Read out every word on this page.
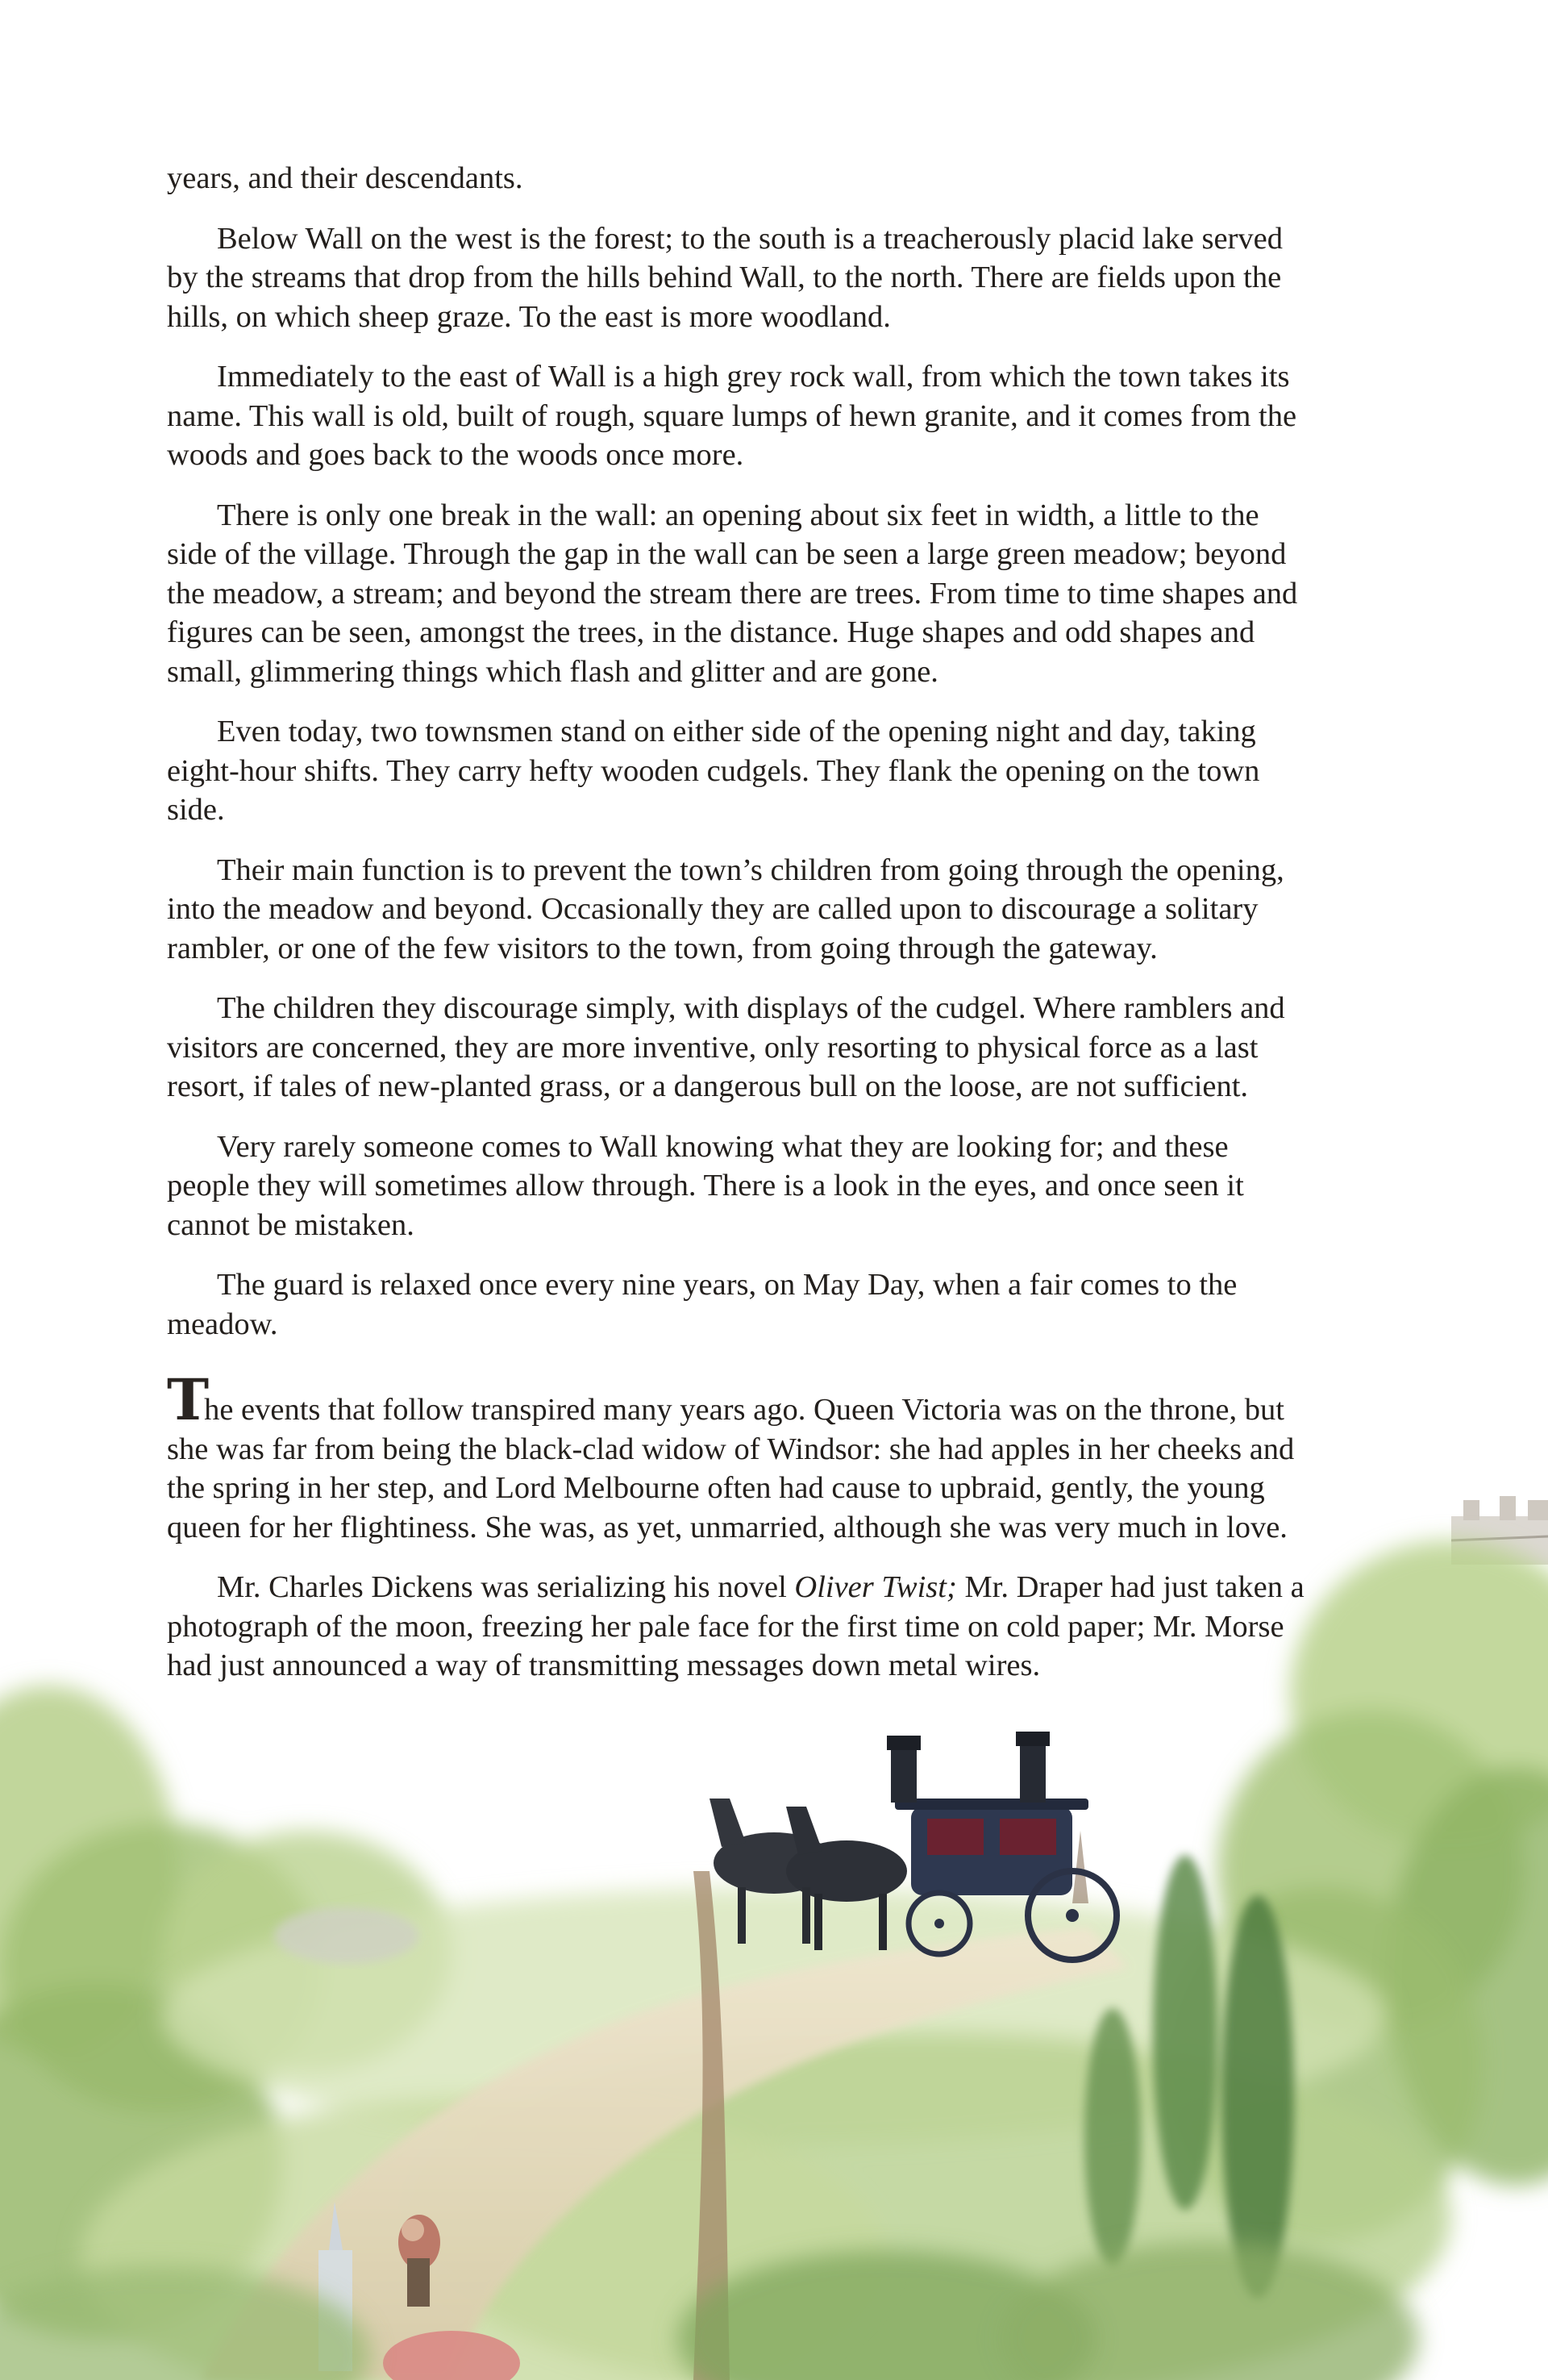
years, and their descendants.

Below Wall on the west is the forest; to the south is a treacherously placid lake served by the streams that drop from the hills behind Wall, to the north. There are fields upon the hills, on which sheep graze. To the east is more woodland.

Immediately to the east of Wall is a high grey rock wall, from which the town takes its name. This wall is old, built of rough, square lumps of hewn granite, and it comes from the woods and goes back to the woods once more.

There is only one break in the wall: an opening about six feet in width, a little to the side of the village. Through the gap in the wall can be seen a large green meadow; beyond the meadow, a stream; and beyond the stream there are trees. From time to time shapes and figures can be seen, amongst the trees, in the distance. Huge shapes and odd shapes and small, glimmering things which flash and glitter and are gone.

Even today, two townsmen stand on either side of the opening night and day, taking eight-hour shifts. They carry hefty wooden cudgels. They flank the opening on the town side.

Their main function is to prevent the town’s children from going through the opening, into the meadow and beyond. Occasionally they are called upon to discourage a solitary rambler, or one of the few visitors to the town, from going through the gateway.

The children they discourage simply, with displays of the cudgel. Where ramblers and visitors are concerned, they are more inventive, only resorting to physical force as a last resort, if tales of new-planted grass, or a dangerous bull on the loose, are not sufficient.

Very rarely someone comes to Wall knowing what they are looking for; and these people they will sometimes allow through. There is a look in the eyes, and once seen it cannot be mistaken.

The guard is relaxed once every nine years, on May Day, when a fair comes to the meadow.

The events that follow transpired many years ago. Queen Victoria was on the throne, but she was far from being the black-clad widow of Windsor: she had apples in her cheeks and the spring in her step, and Lord Melbourne often had cause to upbraid, gently, the young queen for her flightiness. She was, as yet, unmarried, although she was very much in love.

Mr. Charles Dickens was serializing his novel Oliver Twist; Mr. Draper had just taken a photograph of the moon, freezing her pale face for the first time on cold paper; Mr. Morse had just announced a way of transmitting messages down metal wires.
